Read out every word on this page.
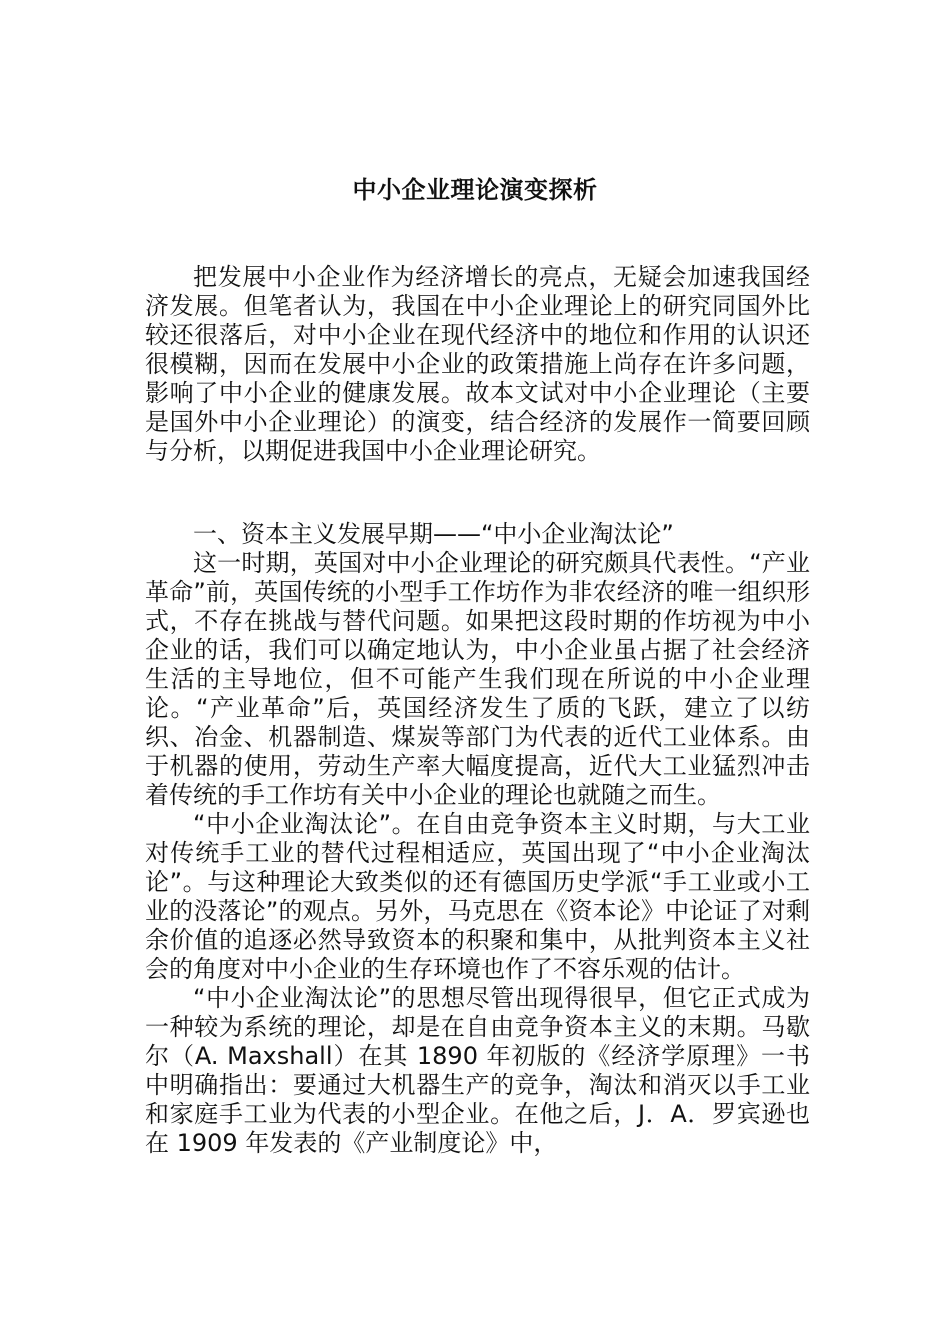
中小企业理论演变探析

把发展中小企业作为经济增长的亮点，无疑会加速我国经济发展。但笔者认为，我国在中小企业理论上的研究同国外比较还很落后，对中小企业在现代经济中的地位和作用的认识还很模糊，因而在发展中小企业的政策措施上尚存在许多问题，影响了中小企业的健康发展。故本文试对中小企业理论（主要是国外中小企业理论）的演变，结合经济的发展作一简要回顾与分析，以期促进我国中小企业理论研究。

一、资本主义发展早期——“中小企业淘汰论”

这一时期，英国对中小企业理论的研究颇具代表性。“产业革命”前，英国传统的小型手工作坊作为非农经济的唯一组织形式，不存在挑战与替代问题。如果把这段时期的作坊视为中小企业的话，我们可以确定地认为，中小企业虽占据了社会经济生活的主导地位，但不可能产生我们现在所说的中小企业理论。“产业革命”后，英国经济发生了质的飞跃，建立了以纺织、冶金、机器制造、煤炭等部门为代表的近代工业体系。由于机器的使用，劳动生产率大幅度提高，近代大工业猛烈冲击着传统的手工作坊有关中小企业的理论也就随之而生。

“中小企业淘汰论”。在自由竞争资本主义时期，与大工业对传统手工业的替代过程相适应，英国出现了“中小企业淘汰论”。与这种理论大致类似的还有德国历史学派“手工业或小工业的没落论”的观点。另外，马克思在《资本论》中论证了对剩余价值的追逐必然导致资本的积聚和集中，从批判资本主义社会的角度对中小企业的生存环境也作了不容乐观的估计。

“中小企业淘汰论”的思想尽管出现得很早，但它正式成为一种较为系统的理论，却是在自由竞争资本主义的末期。马歇尔（A. Maxshall）在其 1890 年初版的《经济学原理》一书中明确指出：要通过大机器生产的竞争，淘汰和消灭以手工业和家庭手工业为代表的小型企业。在他之后，J．A．罗宾逊也在 1909 年发表的《产业制度论》中，
